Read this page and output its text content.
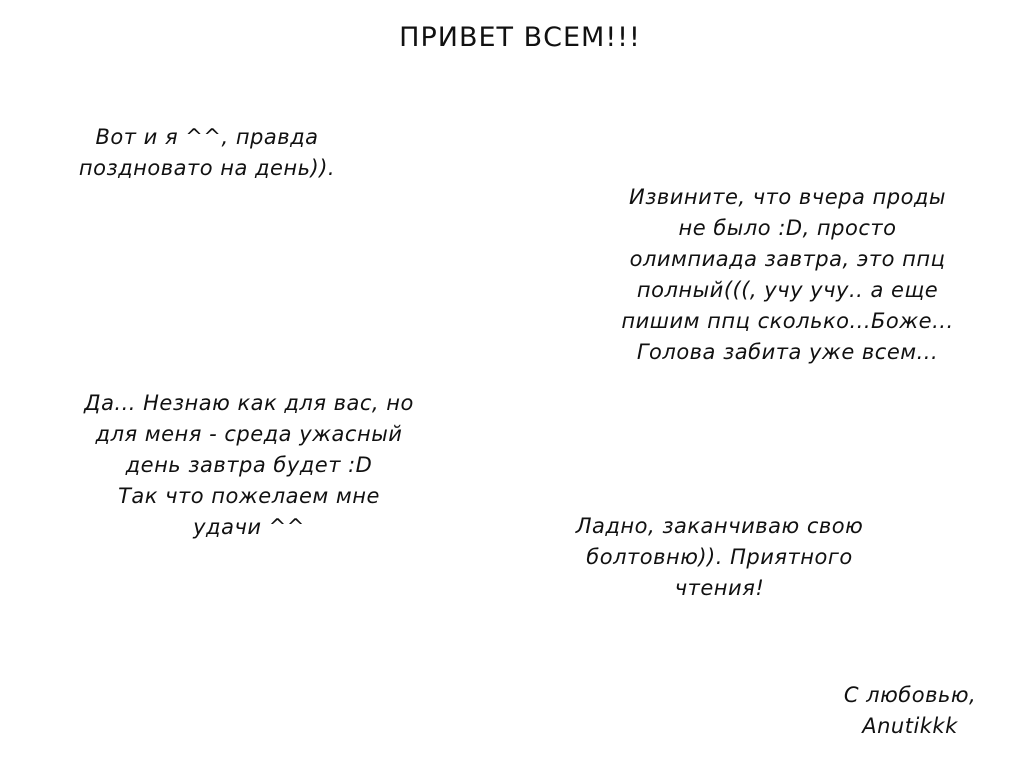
ПРИВЕТ ВСЕМ!!!
Вот и я ^^, правда
поздновато на день)).
Извините, что вчера проды
не было :D, просто
олимпиада завтра, это ппц
полный(((, учу учу.. а еще
пишим ппц сколько...Боже...
Голова забита уже всем...
Да... Незнаю как для вас, но
для меня - среда ужасный
день завтра будет :D
Так что пожелаем мне
удачи ^^	Ладно, заканчиваю свою
болтовню)). Приятного
чтения!
С любовью,
Anutikkk
